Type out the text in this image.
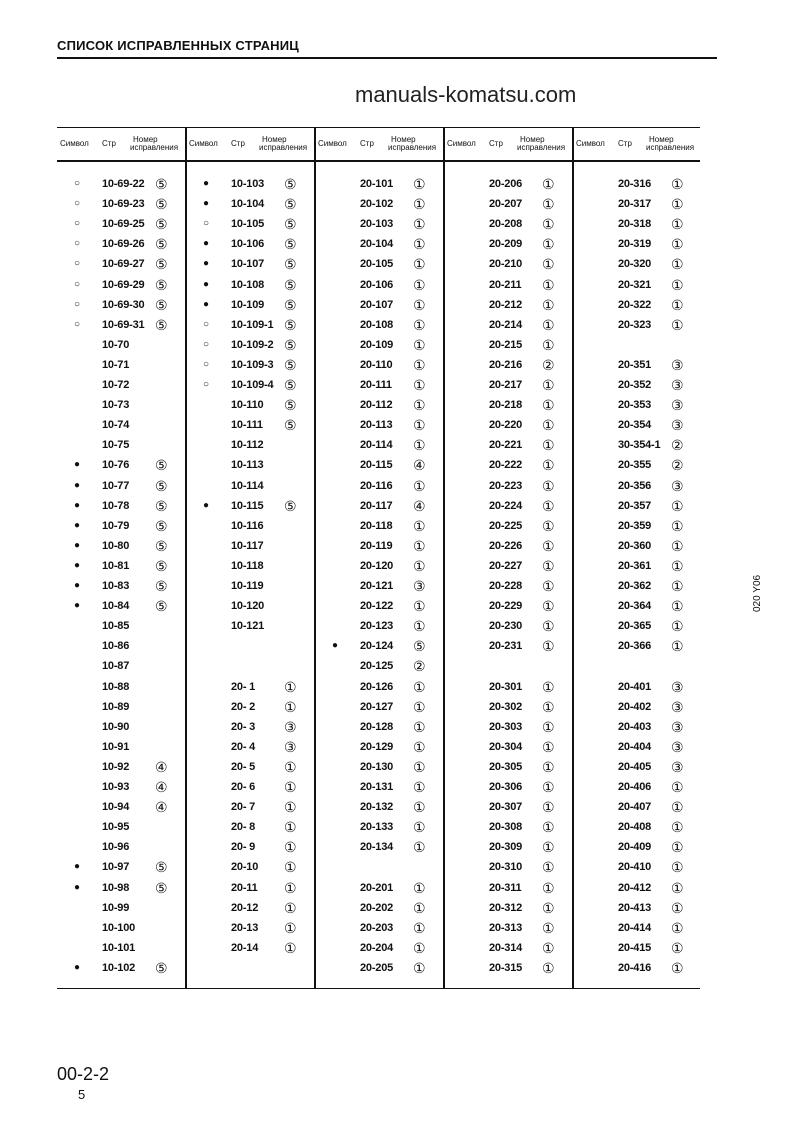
СПИСОК ИСПРАВЛЕННЫХ СТРАНИЦ
manuals-komatsu.com
Символ Стр	Номер
исправления
○	10-69-22 ⑤
○	10-69-23 ⑤
○	10-69-25 ⑤
○	10-69-26 ⑤
○	10-69-27 ⑤
○	10-69-29 ⑤
○	10-69-30 ⑤
○	10-69-31 ⑤
10-70
10-71
10-72
10-73
10-74
10-75
●	10-76 ⑤
●	10-77 ⑤
●	10-78 ⑤
●	10-79 ⑤
●	10-80 ⑤
●	10-81 ⑤
●	10-83 ⑤
●	10-84 ⑤
10-85
10-86
10-87
10-88
10-89
10-90
10-91
10-92 ④
10-93 ④
10-94 ④
10-95
10-96
●	10-97 ⑤
●	10-98 ⑤
10-99
10-100
10-101
●	10-102 ⑤
Символ Стр	Номер
исправления
●	10-103 ⑤
●	10-104 ⑤
○	10-105 ⑤
●	10-106 ⑤
●	10-107 ⑤
●	10-108 ⑤
●	10-109 ⑤
○	10-109-1 ⑤
○	10-109-2 ⑤
○	10-109-3 ⑤
○	10-109-4 ⑤
10-110 ⑤
10-111 ⑤
10-112
10-113
10-114
●	10-115 ⑤
10-116
10-117
10-118
10-119
10-120
10-121
20- 1 ①
20- 2 ①
20- 3 ③
20- 4 ③
20- 5 ①
20- 6 ①
20- 7 ①
20- 8 ①
20- 9 ①
20-10 ①
20-11 ①
20-12 ①
20-13 ①
20-14 ①
Символ Стр	Номер
исправления
20-101 ①
20-102 ①
20-103 ①
20-104 ①
20-105 ①
20-106 ①
20-107 ①
20-108 ①
20-109 ①
20-110 ①
20-111 ①
20-112 ①
20-113 ①
20-114 ①
20-115 ④
20-116 ①
20-117 ④
20-118 ①
20-119 ①
20-120 ①
20-121 ③
20-122 ①
20-123 ①
●	20-124 ⑤
20-125 ②
20-126 ①
20-127 ①
20-128 ①
20-129 ①
20-130 ①
20-131 ①
20-132 ①
20-133 ①
20-134 ①
20-201 ①
20-202 ①
20-203 ①
20-204 ①
20-205 ①
Символ Стр	Номер
исправления
20-206 ①
20-207 ①
20-208 ①
20-209 ①
20-210 ①
20-211 ①
20-212 ①
20-214 ①
20-215 ①
20-216 ②
20-217 ①
20-218 ①
20-220 ①
20-221 ①
20-222 ①
20-223 ①
20-224 ①
20-225 ①
20-226 ①
20-227 ①
20-228 ①
20-229 ①
20-230 ①
20-231 ①
20-301 ①
20-302 ①
20-303 ①
20-304 ①
20-305 ①
20-306 ①
20-307 ①
20-308 ①
20-309 ①
20-310 ①
20-311 ①
20-312 ①
20-313 ①
20-314 ①
20-315 ①
Символ Стр	Номер
исправления
20-316 ①
20-317 ①
20-318 ①
20-319 ①
20-320 ①
20-321 ①
20-322 ①
20-323 ①
20-351 ③
20-352 ③
20-353 ③
20-354 ③
30-354-1 ②
20-355 ②
20-356 ③
20-357 ①
20-359 ①
20-360 ①
20-361 ①
20-362 ①
20-364 ①
20-365 ①
20-366 ①
20-401 ③
20-402 ③
20-403 ③
20-404 ③
20-405 ③
20-406 ①
20-407 ①
20-408 ①
20-409 ①
20-410 ①
20-412 ①
20-413 ①
20-414 ①
20-415 ①
20-416 ①
020 Y06
00-2-2
5
